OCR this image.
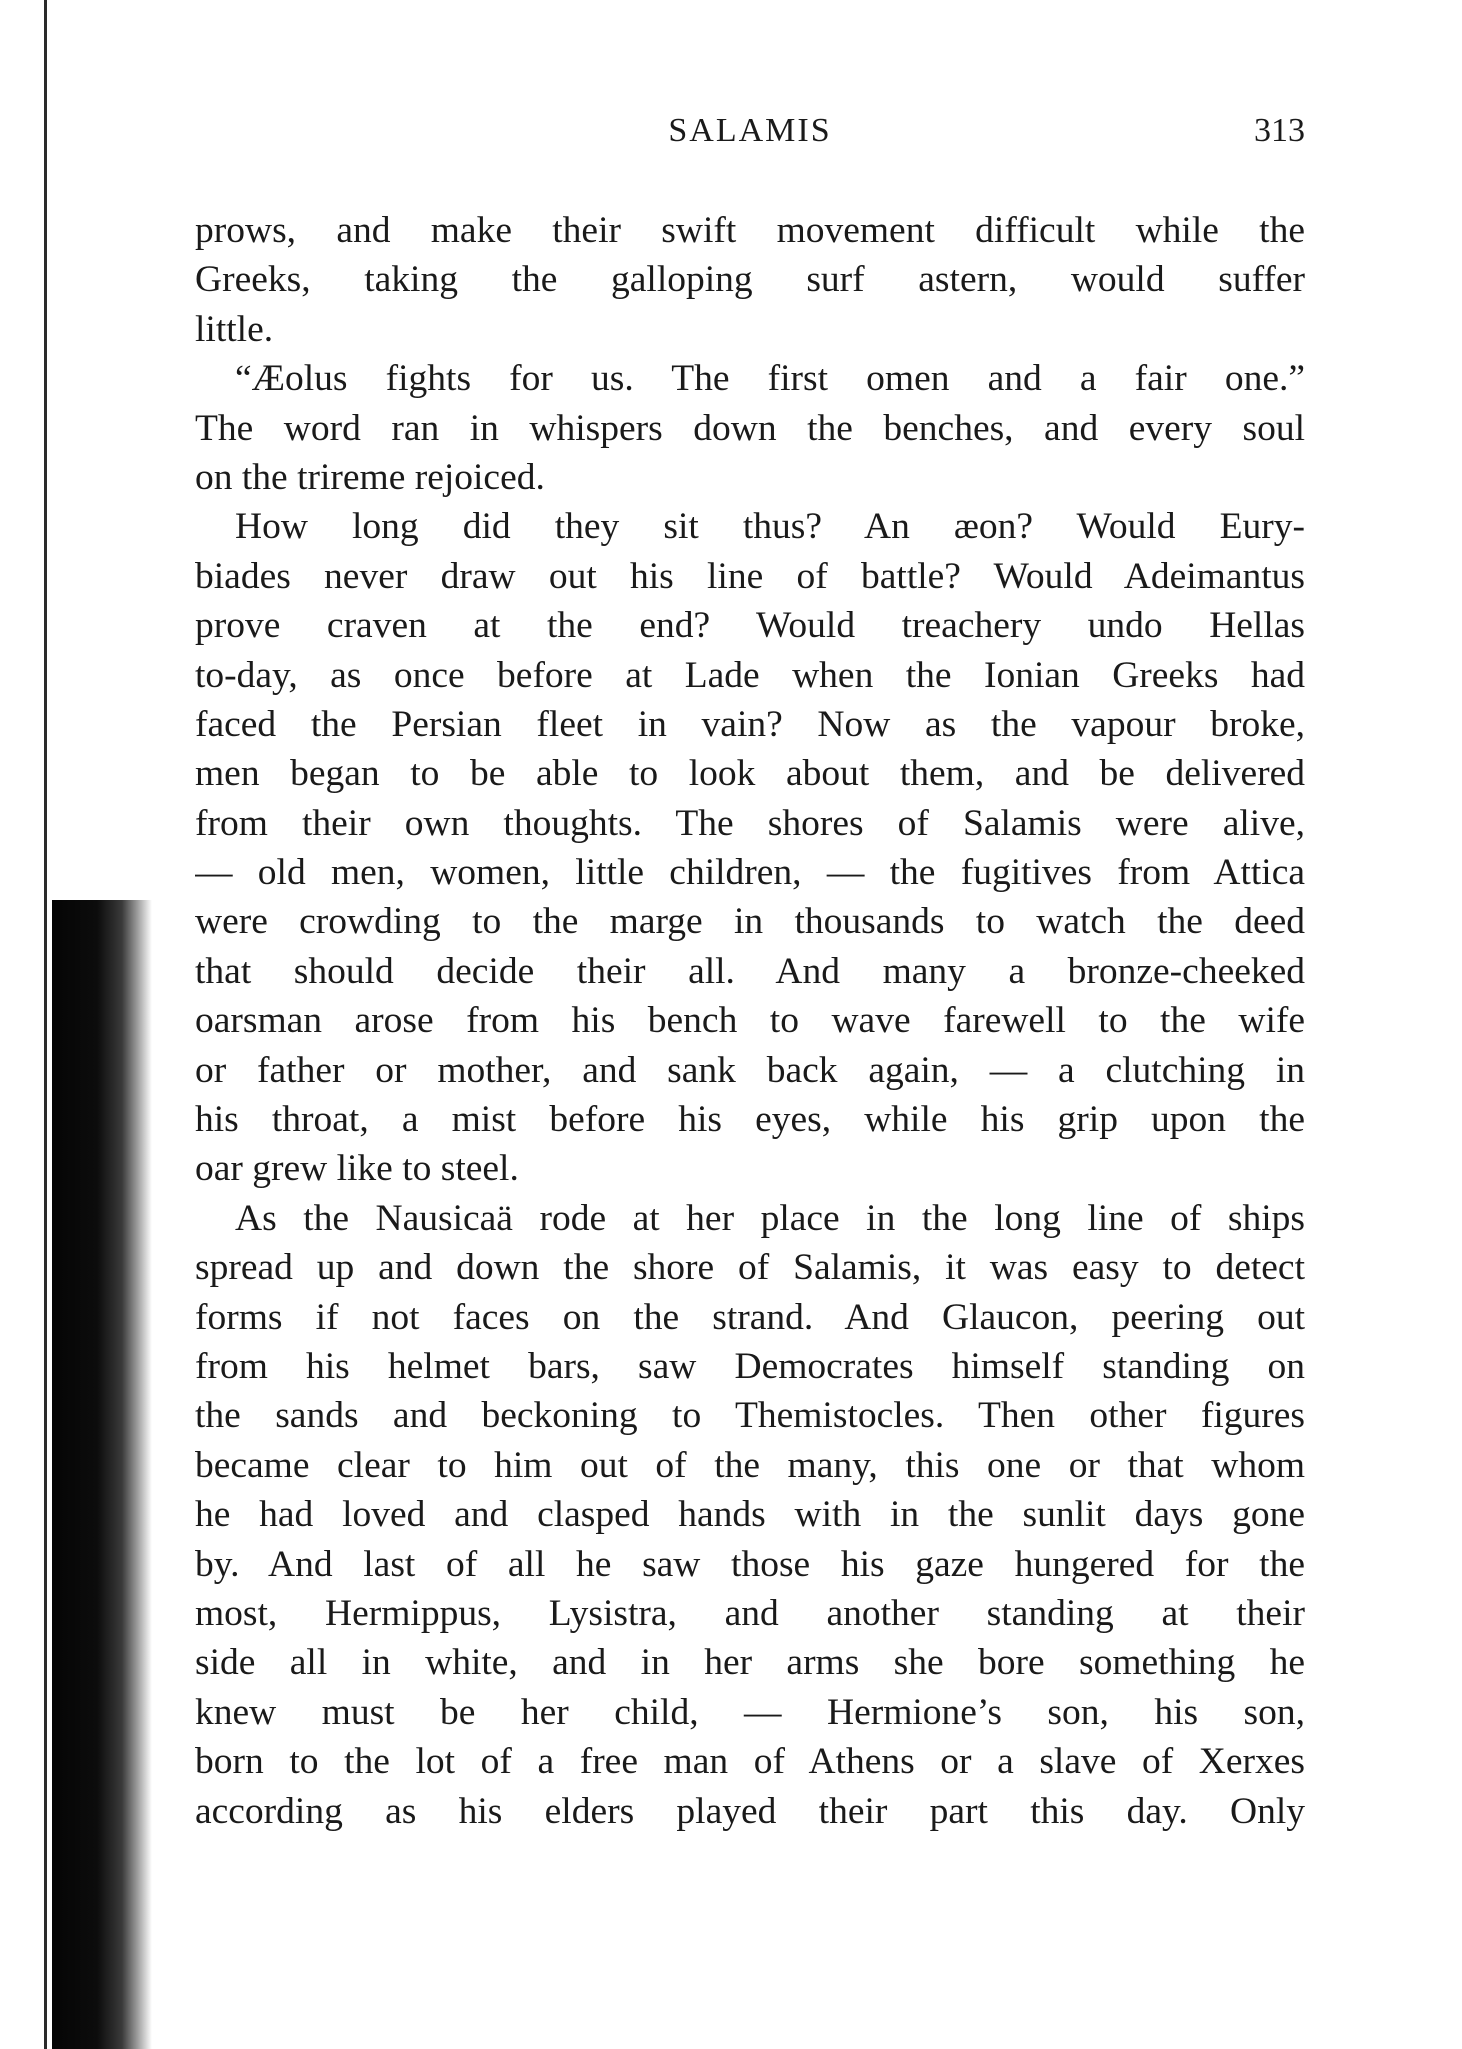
SALAMIS	313
prows, and make their swift movement difficult while the
Greeks, taking the galloping surf astern, would suffer
little.
“Æolus fights for us. The first omen and a fair one.”
The word ran in whispers down the benches, and every soul
on the trireme rejoiced.
How long did they sit thus? An æon? Would Eury-
biades never draw out his line of battle? Would Adeimantus
prove craven at the end? Would treachery undo Hellas
to-day, as once before at Lade when the Ionian Greeks had
faced the Persian fleet in vain? Now as the vapour broke,
men began to be able to look about them, and be delivered
from their own thoughts. The shores of Salamis were alive,
— old men, women, little children, — the fugitives from Attica
were crowding to the marge in thousands to watch the deed
that should decide their all. And many a bronze-cheeked
oarsman arose from his bench to wave farewell to the wife
or father or mother, and sank back again, — a clutching in
his throat, a mist before his eyes, while his grip upon the
oar grew like to steel.
As the Nausicaä rode at her place in the long line of ships
spread up and down the shore of Salamis, it was easy to detect
forms if not faces on the strand. And Glaucon, peering out
from his helmet bars, saw Democrates himself standing on
the sands and beckoning to Themistocles. Then other figures
became clear to him out of the many, this one or that whom
he had loved and clasped hands with in the sunlit days gone
by. And last of all he saw those his gaze hungered for the
most, Hermippus, Lysistra, and another standing at their
side all in white, and in her arms she bore something he
knew must be her child, — Hermione’s son, his son,
born to the lot of a free man of Athens or a slave of Xerxes
according as his elders played their part this day. Only
